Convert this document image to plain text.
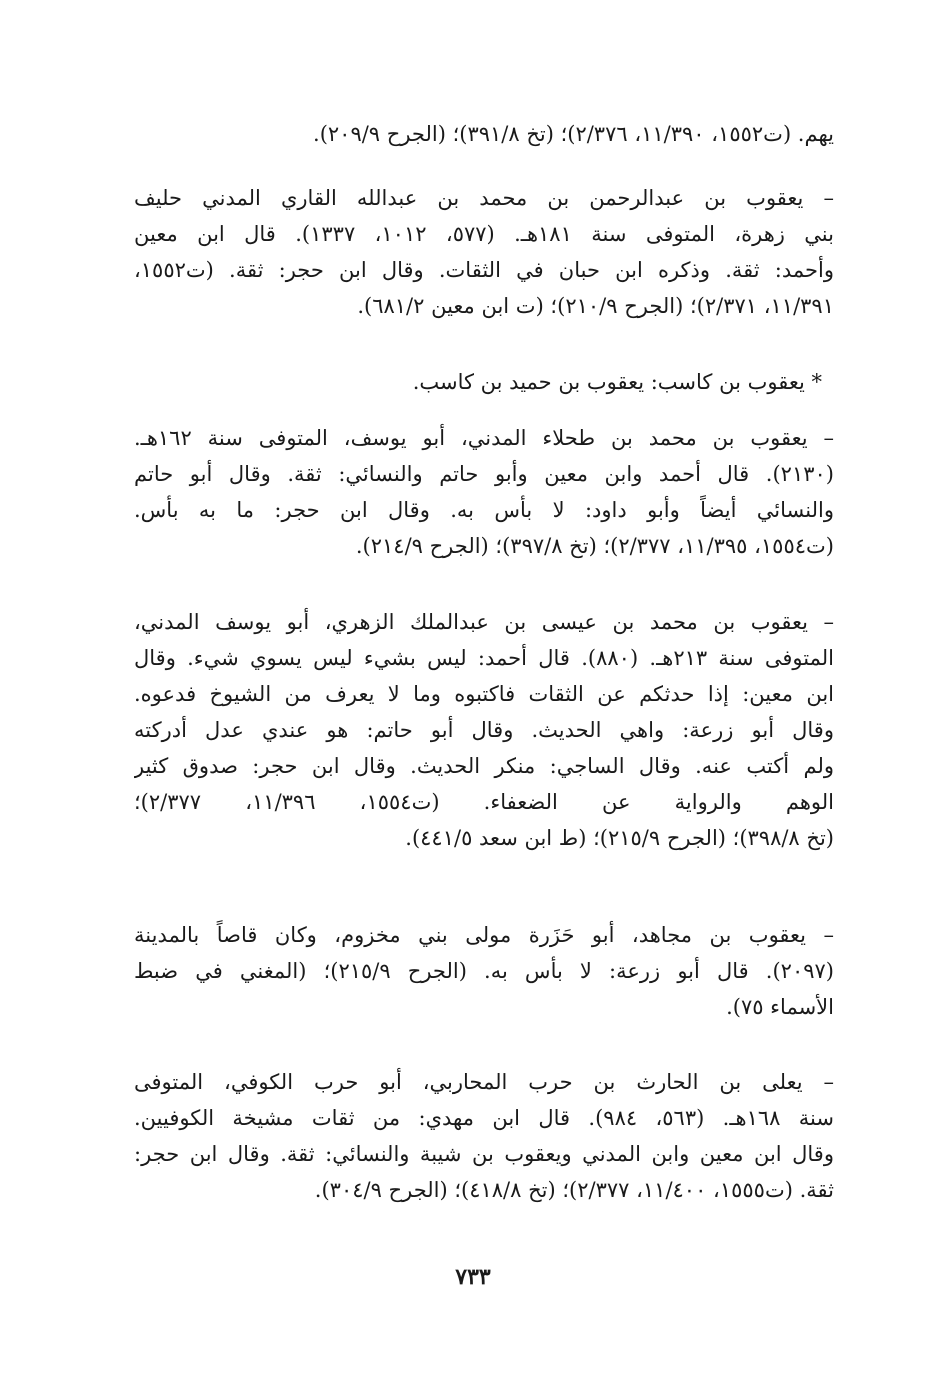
يهم. (ت١٥٥٢، ١١/٣٩٠، ٢/٣٧٦)؛ (تخ ٣٩١/٨)؛ (الجرح ٢٠٩/٩).
– يعقوب بن عبدالرحمن بن محمد بن عبدالله القاري المدني حليف
بني زهرة، المتوفى سنة ١٨١هـ. (٥٧٧، ١٠١٢، ١٣٣٧). قال ابن معين
وأحمد: ثقة. وذكره ابن حبان في الثقات. وقال ابن حجر: ثقة. (ت١٥٥٢،
١١/٣٩١، ٢/٣٧١)؛ (الجرح ٢١٠/٩)؛ (ت ابن معين ٦٨١/٢).
* يعقوب بن كاسب: يعقوب بن حميد بن كاسب.
– يعقوب بن محمد بن طحلاء المدني، أبو يوسف، المتوفى سنة ١٦٢هـ.
(٢١٣٠). قال أحمد وابن معين وأبو حاتم والنسائي: ثقة. وقال أبو حاتم
والنسائي أيضاً وأبو داود: لا بأس به. وقال ابن حجر: ما به بأس.
(ت١٥٥٤، ١١/٣٩٥، ٢/٣٧٧)؛ (تخ ٣٩٧/٨)؛ (الجرح ٢١٤/٩).
– يعقوب بن محمد بن عيسى بن عبدالملك الزهري، أبو يوسف المدني،
المتوفى سنة ٢١٣هـ. (٨٨٠). قال أحمد: ليس بشيء ليس يسوي شيء. وقال
ابن معين: إذا حدثكم عن الثقات فاكتبوه وما لا يعرف من الشيوخ فدعوه.
وقال أبو زرعة: واهي الحديث. وقال أبو حاتم: هو عندي عدل أدركته
ولم أكتب عنه. وقال الساجي: منكر الحديث. وقال ابن حجر: صدوق كثير
الوهم والرواية عن الضعفاء. (ت١٥٥٤، ١١/٣٩٦، ٢/٣٧٧)؛
(تخ ٣٩٨/٨)؛ (الجرح ٢١٥/٩)؛ (ط ابن سعد ٤٤١/٥).
– يعقوب بن مجاهد، أبو حَزَرة مولى بني مخزوم، وكان قاصاً بالمدينة
(٢٠٩٧). قال أبو زرعة: لا بأس به. (الجرح ٢١٥/٩)؛ (المغني في ضبط
الأسماء ٧٥).
– يعلى بن الحارث بن حرب المحاربي، أبو حرب الكوفي، المتوفى
سنة ١٦٨هـ. (٥٦٣، ٩٨٤). قال ابن مهدي: من ثقات مشيخة الكوفيين.
وقال ابن معين وابن المدني ويعقوب بن شيبة والنسائي: ثقة. وقال ابن حجر:
ثقة. (ت١٥٥٥، ١١/٤٠٠، ٢/٣٧٧)؛ (تخ ٤١٨/٨)؛ (الجرح ٣٠٤/٩).
٧٣٣
